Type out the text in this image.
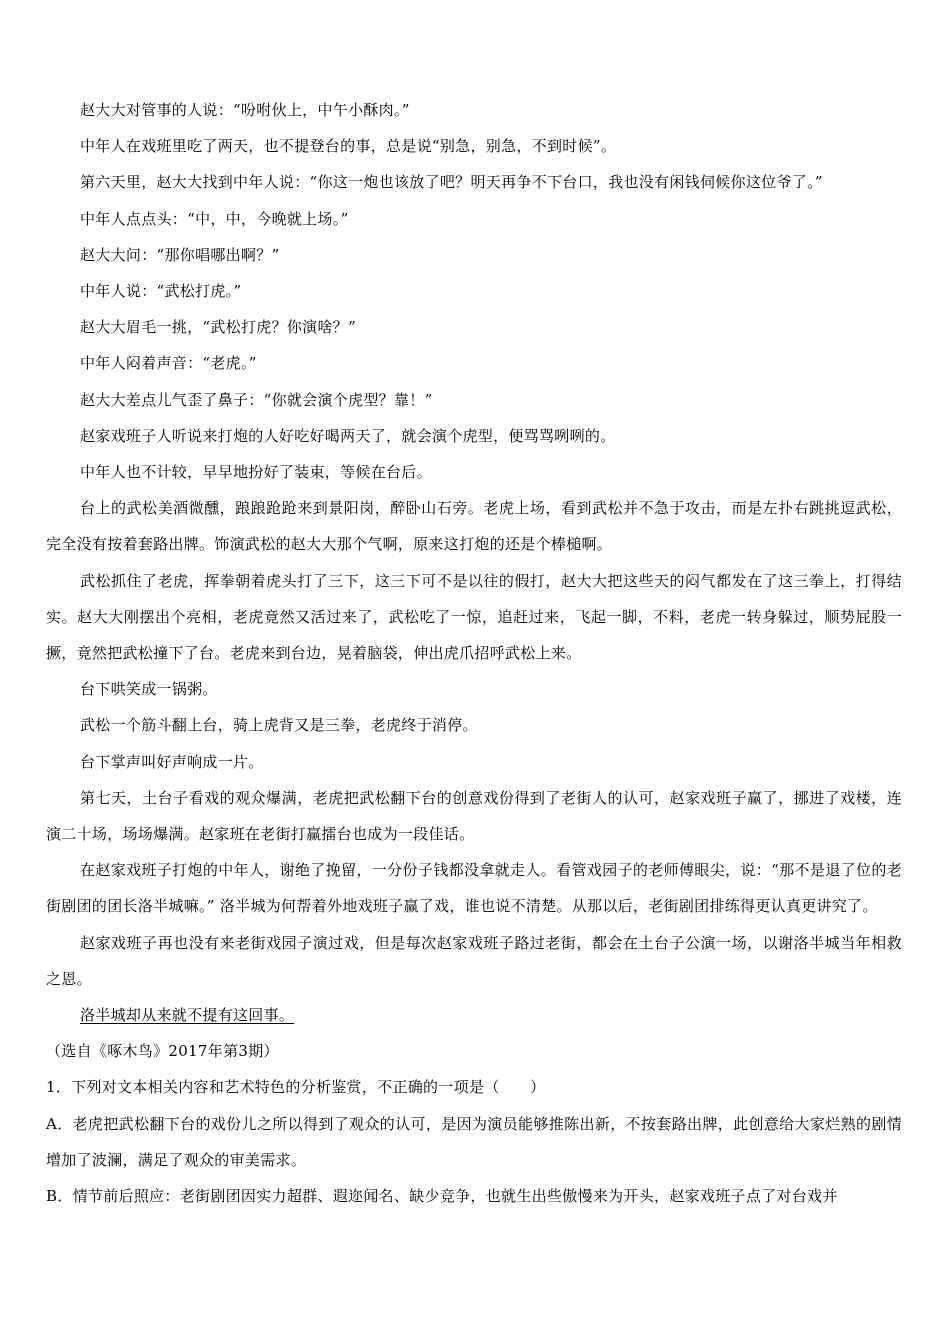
赵大大对管事的人说：“吩咐伙上，中午小酥肉。”

中年人在戏班里吃了两天，也不提登台的事，总是说“别急，别急，不到时候”。

第六天里，赵大大找到中年人说：“你这一炮也该放了吧？明天再争不下台口，我也没有闲钱伺候你这位爷了。”

中年人点点头：“中，中，今晚就上场。”

赵大大问：“那你唱哪出啊？”

中年人说：“武松打虎。”

赵大大眉毛一挑，“武松打虎？你演啥？”

中年人闷着声音：“老虎。”

赵大大差点儿气歪了鼻子：“你就会演个虎型？靠！”

赵家戏班子人听说来打炮的人好吃好喝两天了，就会演个虎型，便骂骂咧咧的。

中年人也不计较，早早地扮好了装束，等候在台后。

台上的武松美酒微醺，踉踉跄跄来到景阳岗，醉卧山石旁。老虎上场，看到武松并不急于攻击，而是左扑右跳挑逗武松，完全没有按着套路出牌。饰演武松的赵大大那个气啊，原来这打炮的还是个棒槌啊。

武松抓住了老虎，挥拳朝着虎头打了三下，这三下可不是以往的假打，赵大大把这些天的闷气都发在了这三拳上，打得结实。赵大大刚摆出个亮相，老虎竟然又活过来了，武松吃了一惊，追赶过来，飞起一脚，不料，老虎一转身躲过，顺势屁股一撅，竟然把武松撞下了台。老虎来到台边，晃着脑袋，伸出虎爪招呼武松上来。

台下哄笑成一锅粥。

武松一个筋斗翻上台，骑上虎背又是三拳，老虎终于消停。

台下掌声叫好声响成一片。

第七天，土台子看戏的观众爆满，老虎把武松翻下台的创意戏份得到了老街人的认可，赵家戏班子赢了，挪进了戏楼，连演二十场，场场爆满。赵家班在老街打赢擂台也成为一段佳话。

在赵家戏班子打炮的中年人，谢绝了挽留，一分份子钱都没拿就走人。看管戏园子的老师傅眼尖，说：“那不是退了位的老街剧团的团长洛半城嘛。” 洛半城为何帮着外地戏班子赢了戏，谁也说不清楚。从那以后，老街剧团排练得更认真更讲究了。

赵家戏班子再也没有来老街戏园子演过戏，但是每次赵家戏班子路过老街，都会在土台子公演一场，以谢洛半城当年相救之恩。

洛半城却从来就不提有这回事。

（选自《啄木鸟》2017年第3期）

1．下列对文本相关内容和艺术特色的分析鉴赏，不正确的一项是（　　）

A．老虎把武松翻下台的戏份儿之所以得到了观众的认可，是因为演员能够推陈出新，不按套路出牌，此创意给大家烂熟的剧情增加了波澜，满足了观众的审美需求。

B．情节前后照应：老街剧团因实力超群、遐迩闻名、缺少竞争，也就生出些傲慢来为开头，赵家戏班子点了对台戏并
